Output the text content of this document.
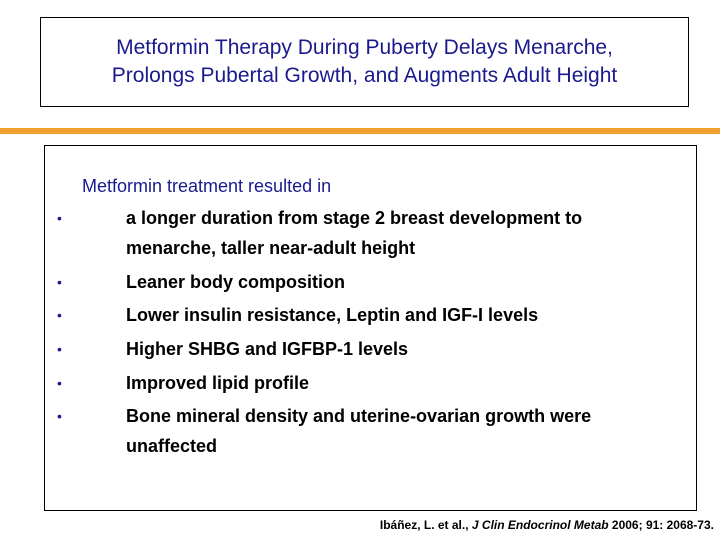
Metformin Therapy During Puberty Delays Menarche,
Prolongs Pubertal Growth, and Augments Adult Height
Metformin treatment resulted in
•	a longer duration from stage 2 breast development to
menarche, taller near-adult height
•	Leaner body composition
•	Lower insulin resistance, Leptin and IGF-I levels
•	Higher SHBG and IGFBP-1 levels
•	Improved lipid profile
•	Bone mineral density and uterine-ovarian growth were
unaffected
Ibáñez, L. et al., J Clin Endocrinol Metab 2006; 91: 2068-73.
